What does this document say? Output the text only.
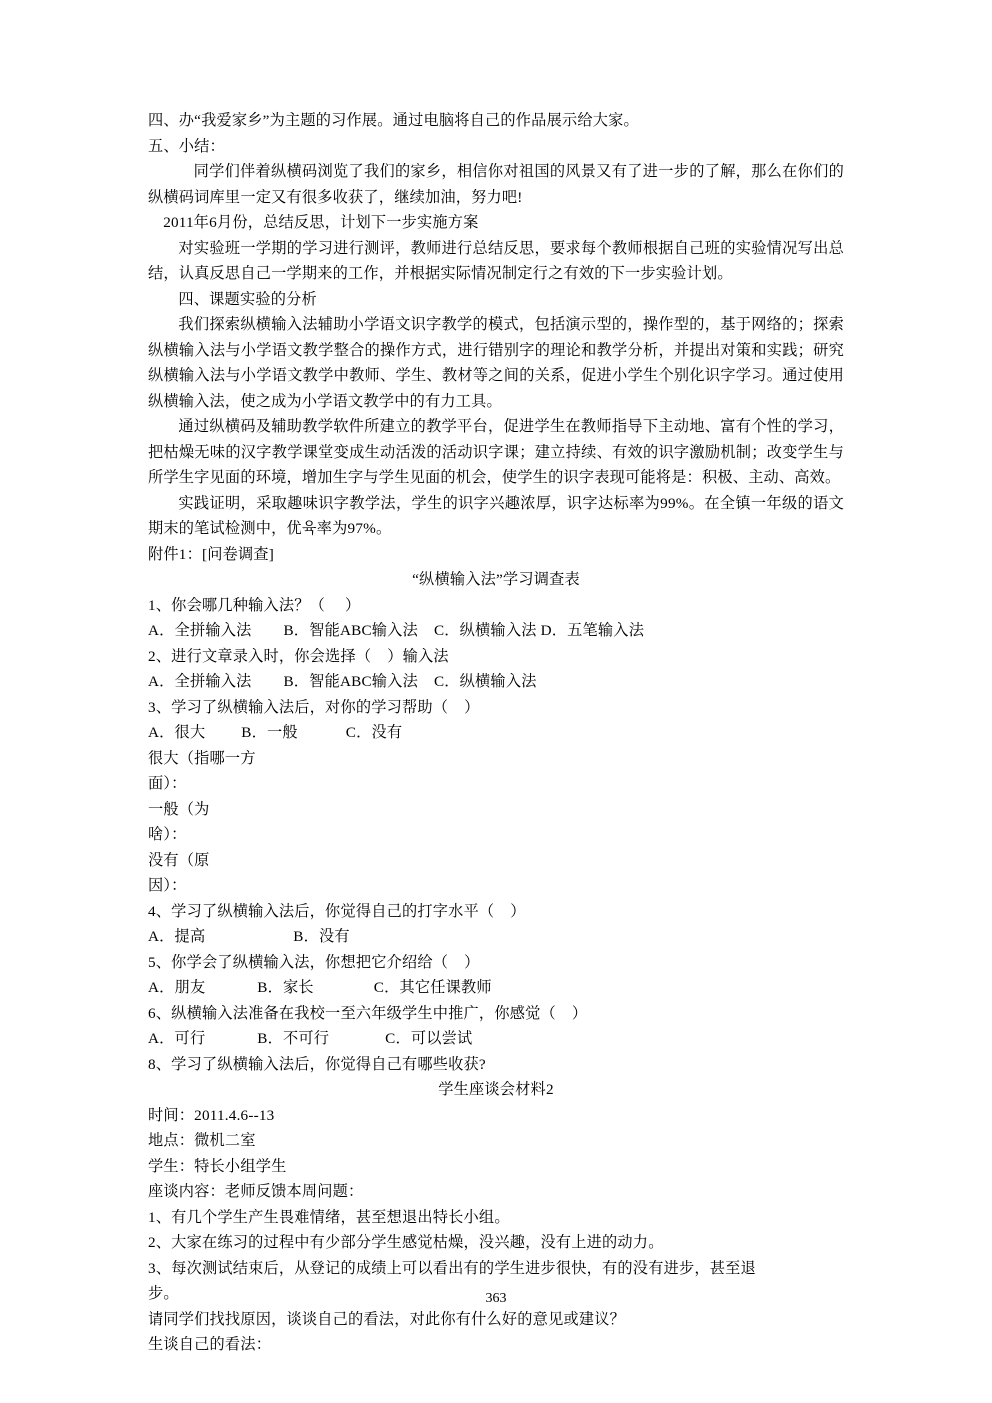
四、办“我爱家乡”为主题的习作展。通过电脑将自己的作品展示给大家。

五、小结：

同学们伴着纵横码浏览了我们的家乡，相信你对祖国的风景又有了进一步的了解，那么在你们的纵横码词库里一定又有很多收获了，继续加油，努力吧!

2011年6月份，总结反思，计划下一步实施方案

对实验班一学期的学习进行测评，教师进行总结反思，要求每个教师根据自己班的实验情况写出总结，认真反思自己一学期来的工作，并根据实际情况制定行之有效的下一步实验计划。

四、课题实验的分析

我们探索纵横输入法辅助小学语文识字教学的模式，包括演示型的，操作型的，基于网络的；探索纵横输入法与小学语文教学整合的操作方式，进行错别字的理论和教学分析，并提出对策和实践；研究纵横输入法与小学语文教学中教师、学生、教材等之间的关系，促进小学生个别化识字学习。通过使用纵横输入法，使之成为小学语文教学中的有力工具。

通过纵横码及辅助教学软件所建立的教学平台，促进学生在教师指导下主动地、富有个性的学习，把枯燥无味的汉字教学课堂变成生动活泼的活动识字课；建立持续、有效的识字激励机制；改变学生与所学生字见面的环境，增加生字与学生见面的机会，使学生的识字表现可能将是：积极、主动、高效。

实践证明，采取趣味识字教学法，学生的识字兴趣浓厚，识字达标率为99%。在全镇一年级的语文期末的笔试检测中，优육率为97%。

附件1：[问卷调查]

“纵横输入法”学习调查表

1、你会哪几种输入法？（     ）

A．全拼输入法        B．智能ABC输入法    C．纵横输入法 D．五笔输入法

2、进行文章录入时，你会选择（    ）输入法

A．全拼输入法        B．智能ABC输入法    C．纵横输入法

3、学习了纵横输入法后，对你的学习帮助（    ）

A．很大         B．一般            C．没有

很大（指哪一方

面）：

一般（为

啥）：

没有（原

因）：

4、学习了纵横输入法后，你觉得自己的打字水平（    ）

A．提高                      B．没有

5、你学会了纵横输入法，你想把它介绍给（    ）

A．朋友             B．家长               C．其它任课教师

6、纵横输入法准备在我校一至六年级学生中推广，你感觉（    ）

A．可行             B．不可行              C．可以尝试

8、学习了纵横输入法后，你觉得自己有哪些收获?

学生座谈会材料2

时间：2011.4.6--13

地点：微机二室

学生：特长小组学生

座谈内容：老师反馈本周问题：

1、有几个学生产生畏难情绪，甚至想退出特长小组。

2、大家在练习的过程中有少部分学生感觉枯燥，没兴趣，没有上进的动力。

3、每次测试结束后，从登记的成绩上可以看出有的学生进步很快，有的没有进步，甚至退

步。

请同学们找找原因，谈谈自己的看法，对此你有什么好的意见或建议？

生谈自己的看法：

363
